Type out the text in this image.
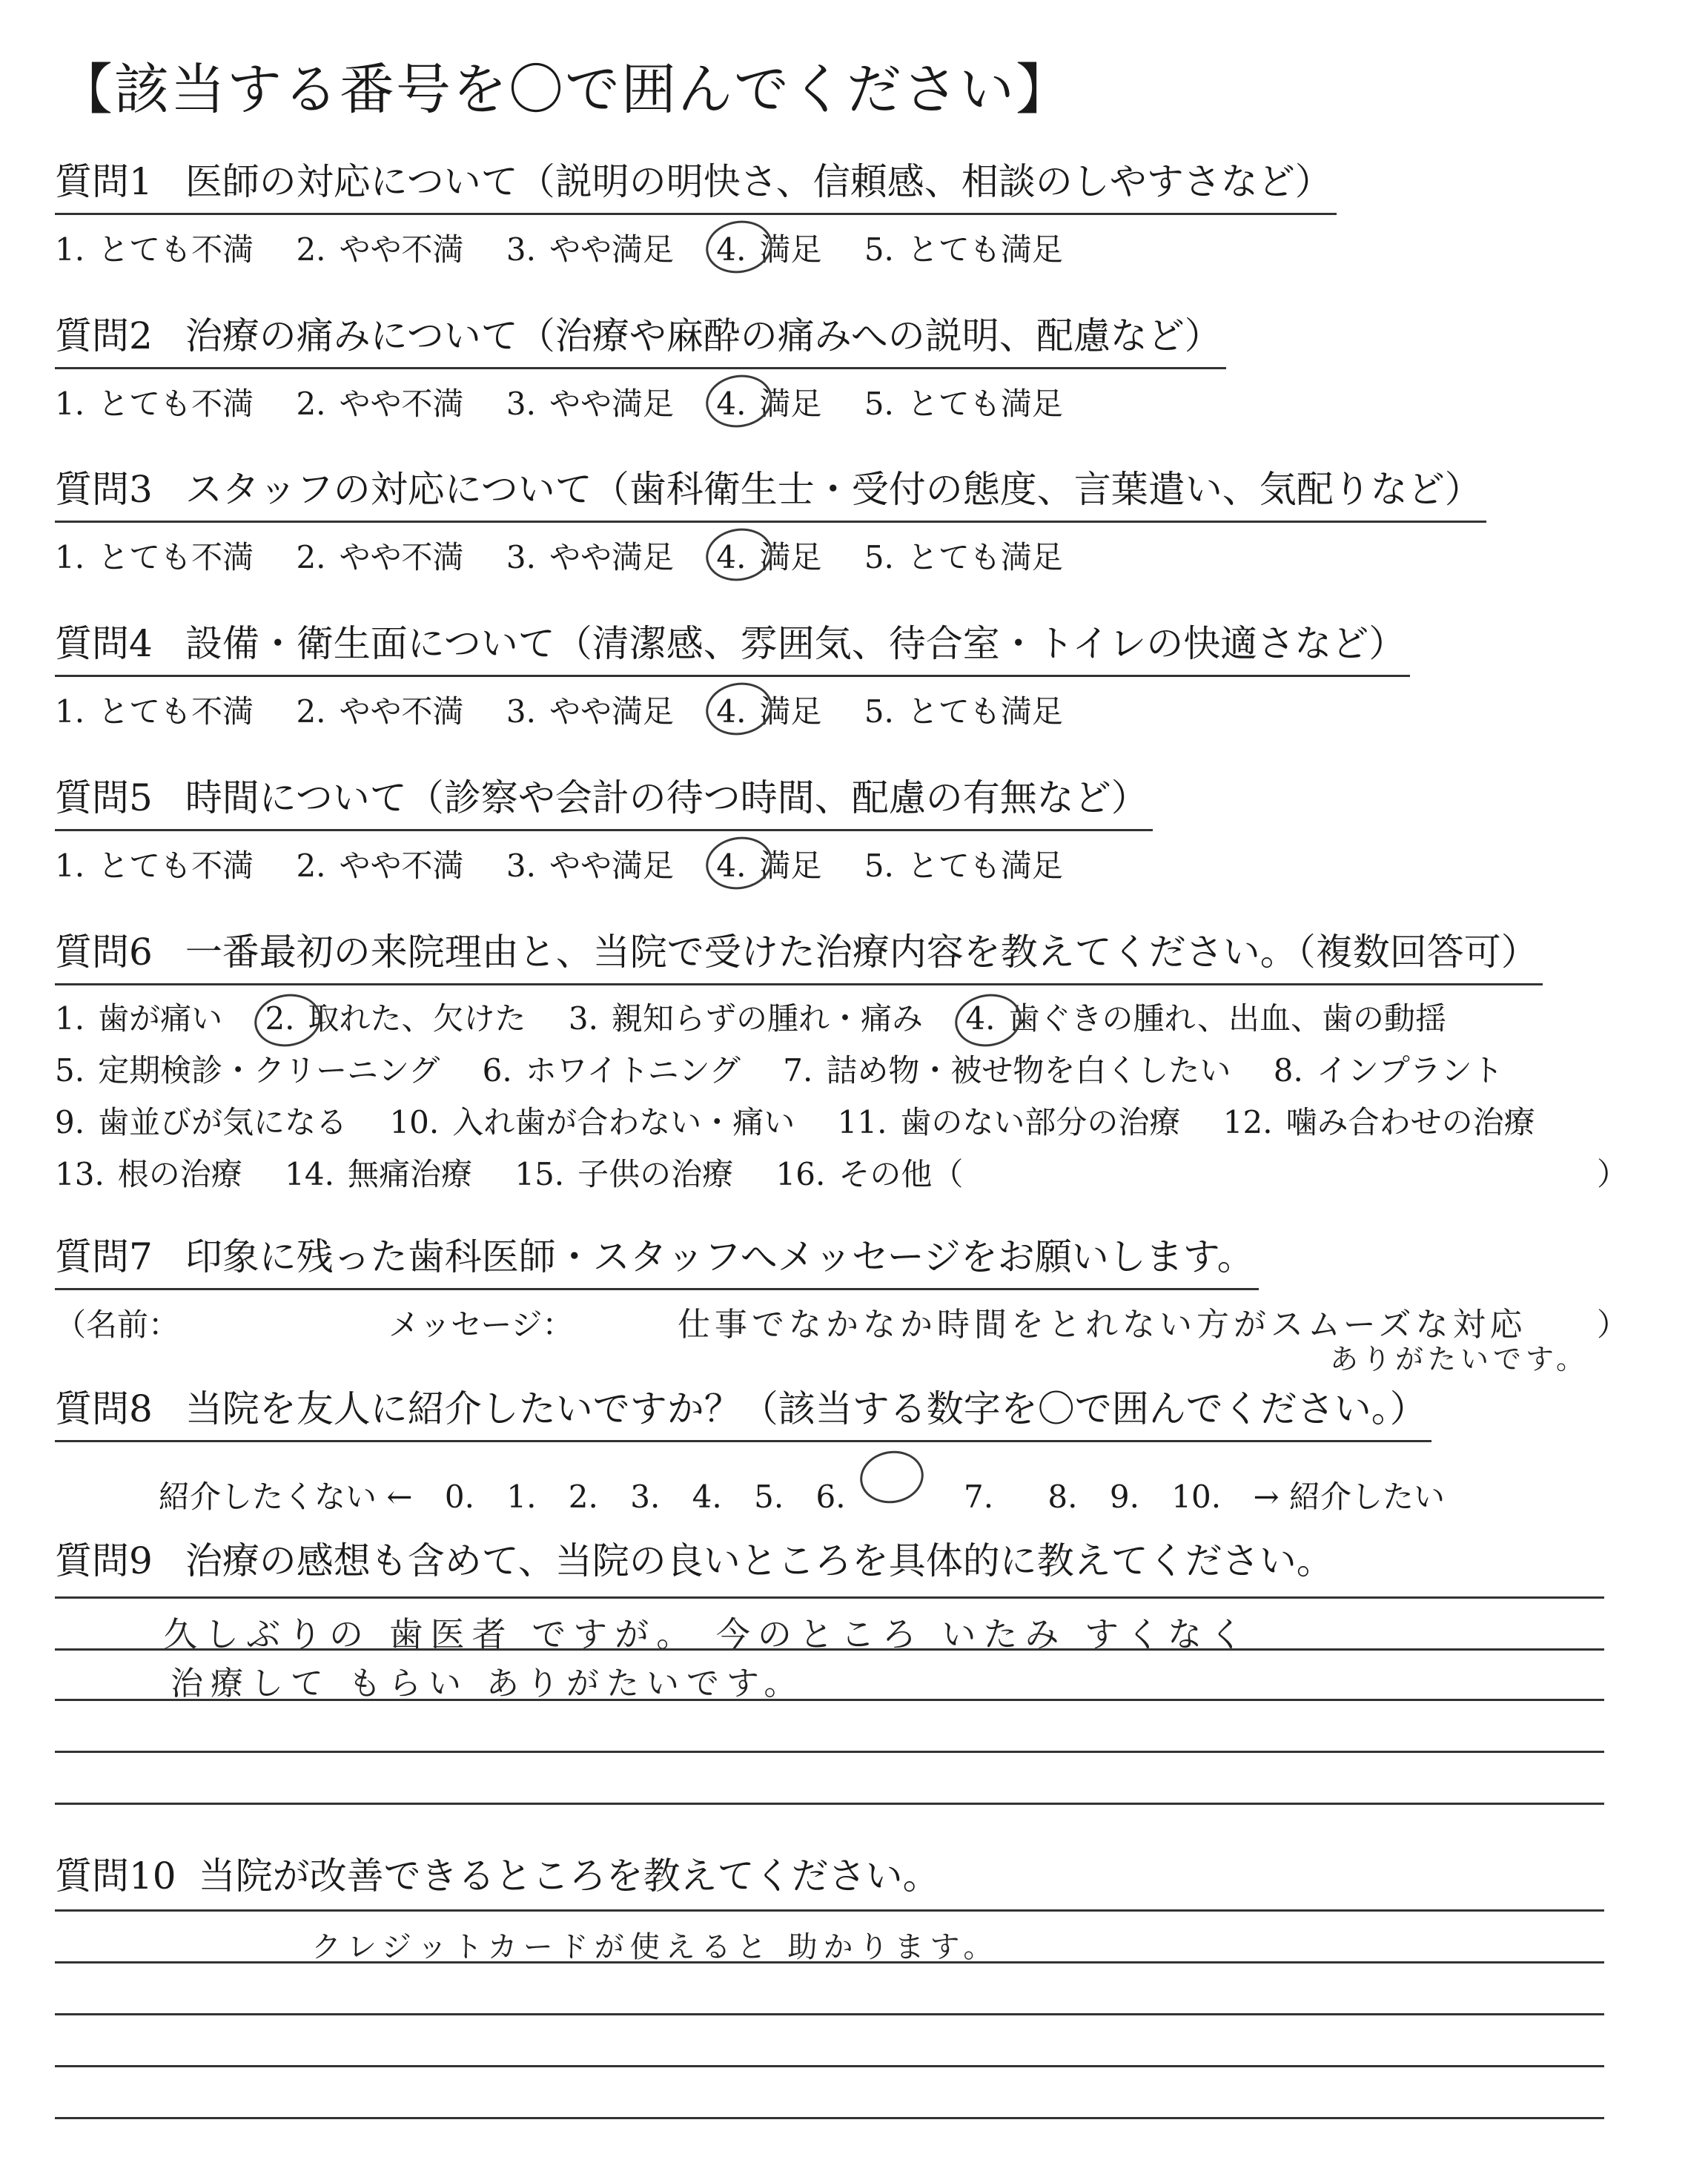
【該当する番号を〇で囲んでください】
質問1 医師の対応について（説明の明快さ、信頼感、相談のしやすさなど）
1. とても不満 2. やや不満 3. やや満足 4. 満足 5. とても満足
質問2 治療の痛みについて（治療や麻酔の痛みへの説明、配慮など）
1. とても不満 2. やや不満 3. やや満足 4. 満足 5. とても満足
質問3 スタッフの対応について（歯科衛生士・受付の態度、言葉遣い、気配りなど）
1. とても不満 2. やや不満 3. やや満足 4. 満足 5. とても満足
質問4 設備・衛生面について（清潔感、雰囲気、待合室・トイレの快適さなど）
1. とても不満 2. やや不満 3. やや満足 4. 満足 5. とても満足
質問5 時間について（診察や会計の待つ時間、配慮の有無など）
1. とても不満 2. やや不満 3. やや満足 4. 満足 5. とても満足
質問6 一番最初の来院理由と、当院で受けた治療内容を教えてください。（複数回答可）
1. 歯が痛い 2. 取れた、欠けた 3. 親知らずの腫れ・痛み 4. 歯ぐきの腫れ、出血、歯の動揺
5. 定期検診・クリーニング 6. ホワイトニング 7. 詰め物・被せ物を白くしたい 8. インプラント
9. 歯並びが気になる 10. 入れ歯が合わない・痛い 11. 歯のない部分の治療 12. 噛み合わせの治療
13. 根の治療 14. 無痛治療 15. 子供の治療 16. その他（	）
質問7 印象に残った歯科医師・スタッフへメッセージをお願いします。
（名前：	メッセージ：	仕事でなかなか時間をとれない方がスムーズな対応
ありがたいです。
）
質問8 当院を友人に紹介したいですか？（該当する数字を〇で囲んでください。）
紹介したくない ← 0. 1. 2. 3. 4. 5. 6.	7. 8. 9. 10. → 紹介したい
質問9 治療の感想も含めて、当院の良いところを具体的に教えてください。
久しぶりの 歯医者 ですが。 今のところ いたみ すくなく
治療して もらい ありがたいです。
質問10 当院が改善できるところを教えてください。
クレジットカードが使えると 助かります。
